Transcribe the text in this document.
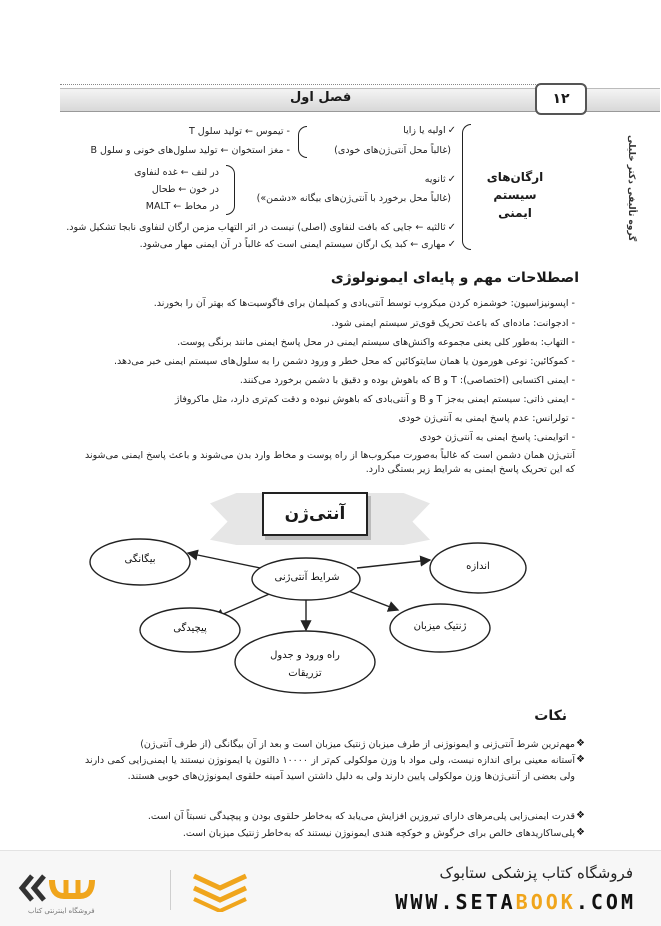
فصل اول	۱۲
گروه تألیفی دکتر خلیلی
ارگان‌های
سیستم ایمنی
✓اولیه یا زایا
(غالباً محل آنتی‌ژن‌های خودی)
- تیموس ← تولید سلول T
- مغز استخوان ← تولید سلول‌های خونی و سلول B
✓ثانویه
(غالباً محل برخورد با آنتی‌ژن‌های بیگانه «دشمن»)
در لنف ← غده لنفاوی
در خون ← طحال
در مخاط ← MALT
✓ثالثیه ← جایی که بافت لنفاوی (اصلی) نیست در اثر التهاب مزمن ارگان لنفاوی نابجا تشکیل شود.
✓مهاری ← کبد یک ارگان سیستم ایمنی است که غالباً در آن ایمنی مهار می‌شود.
اصطلاحات مهم و پایه‌ای ایمونولوژی
- اپسونیزاسیون: خوشمزه کردن میکروب توسط آنتی‌بادی و کمپلمان برای فاگوسیت‌ها که بهتر آن را بخورند.
- ادجوانت: ماده‌ای که باعث تحریک قوی‌تر سیستم ایمنی شود.
- التهاب: به‌طور کلی یعنی مجموعه واکنش‌های سیستم ایمنی در محل پاسخ ایمنی مانند برنگی پوست.
- کموکائین: نوعی هورمون یا همان سایتوکائین که محل خطر و ورود دشمن را به سلول‌های سیستم ایمنی خبر می‌دهد.
- ایمنی اکتسابی (اختصاصی): T و B که باهوش بوده و دقیق با دشمن برخورد می‌کنند.
- ایمنی ذاتی: سیستم ایمنی به‌جز T و B و آنتی‌بادی که باهوش نبوده و دقت کم‌تری دارد، مثل ماکروفاژ
- تولرانس: عدم پاسخ ایمنی به آنتی‌ژن خودی
- اتوایمنی: پاسخ ایمنی به آنتی‌ژن خودی
آنتی‌ژن همان دشمن است که غالباً به‌صورت میکروب‌ها از راه پوست و مخاط وارد بدن می‌شوند و باعث پاسخ ایمنی می‌شوند که این تحریک پاسخ ایمنی به شرایط زیر بستگی دارد.
آنتی‌ژن
شرایط آنتی‌ژنی
بیگانگی
اندازه
پیچیدگی	ژنتیک میزبان
راه ورود و جدول تزریقات
نکات
❖
مهم‌ترین شرط آنتی‌ژنی و ایمونوژنی از طرف میزبان ژنتیک میزبان است و بعد از آن بیگانگی (از طرف آنتی‌ژن)
❖
آستانه معینی برای اندازه نیست، ولی مواد با وزن مولکولی کم‌تر از ۱۰۰۰۰ دالتون یا ایمونوژن نیستند یا ایمنی‌زایی کمی دارند ولی بعضی از آنتی‌ژن‌ها وزن مولکولی پایین دارند ولی به دلیل داشتن اسید آمینه حلقوی ایمونوژن‌های خوبی هستند.
❖
قدرت ایمنی‌زایی پلی‌مرهای دارای تیروزین افزایش می‌یابد که به‌خاطر حلقوی بودن و پیچیدگی نسبتاً آن است.
❖
پلی‌ساکاریدهای خالص برای خرگوش و خوکچه هندی ایمونوژن نیستند که به‌خاطر ژنتیک میزبان است.
فروشگاه اینترنتی کتاب
فروشگاه کتاب پزشکی ستابوک
WWW.SETABOOK.COM
